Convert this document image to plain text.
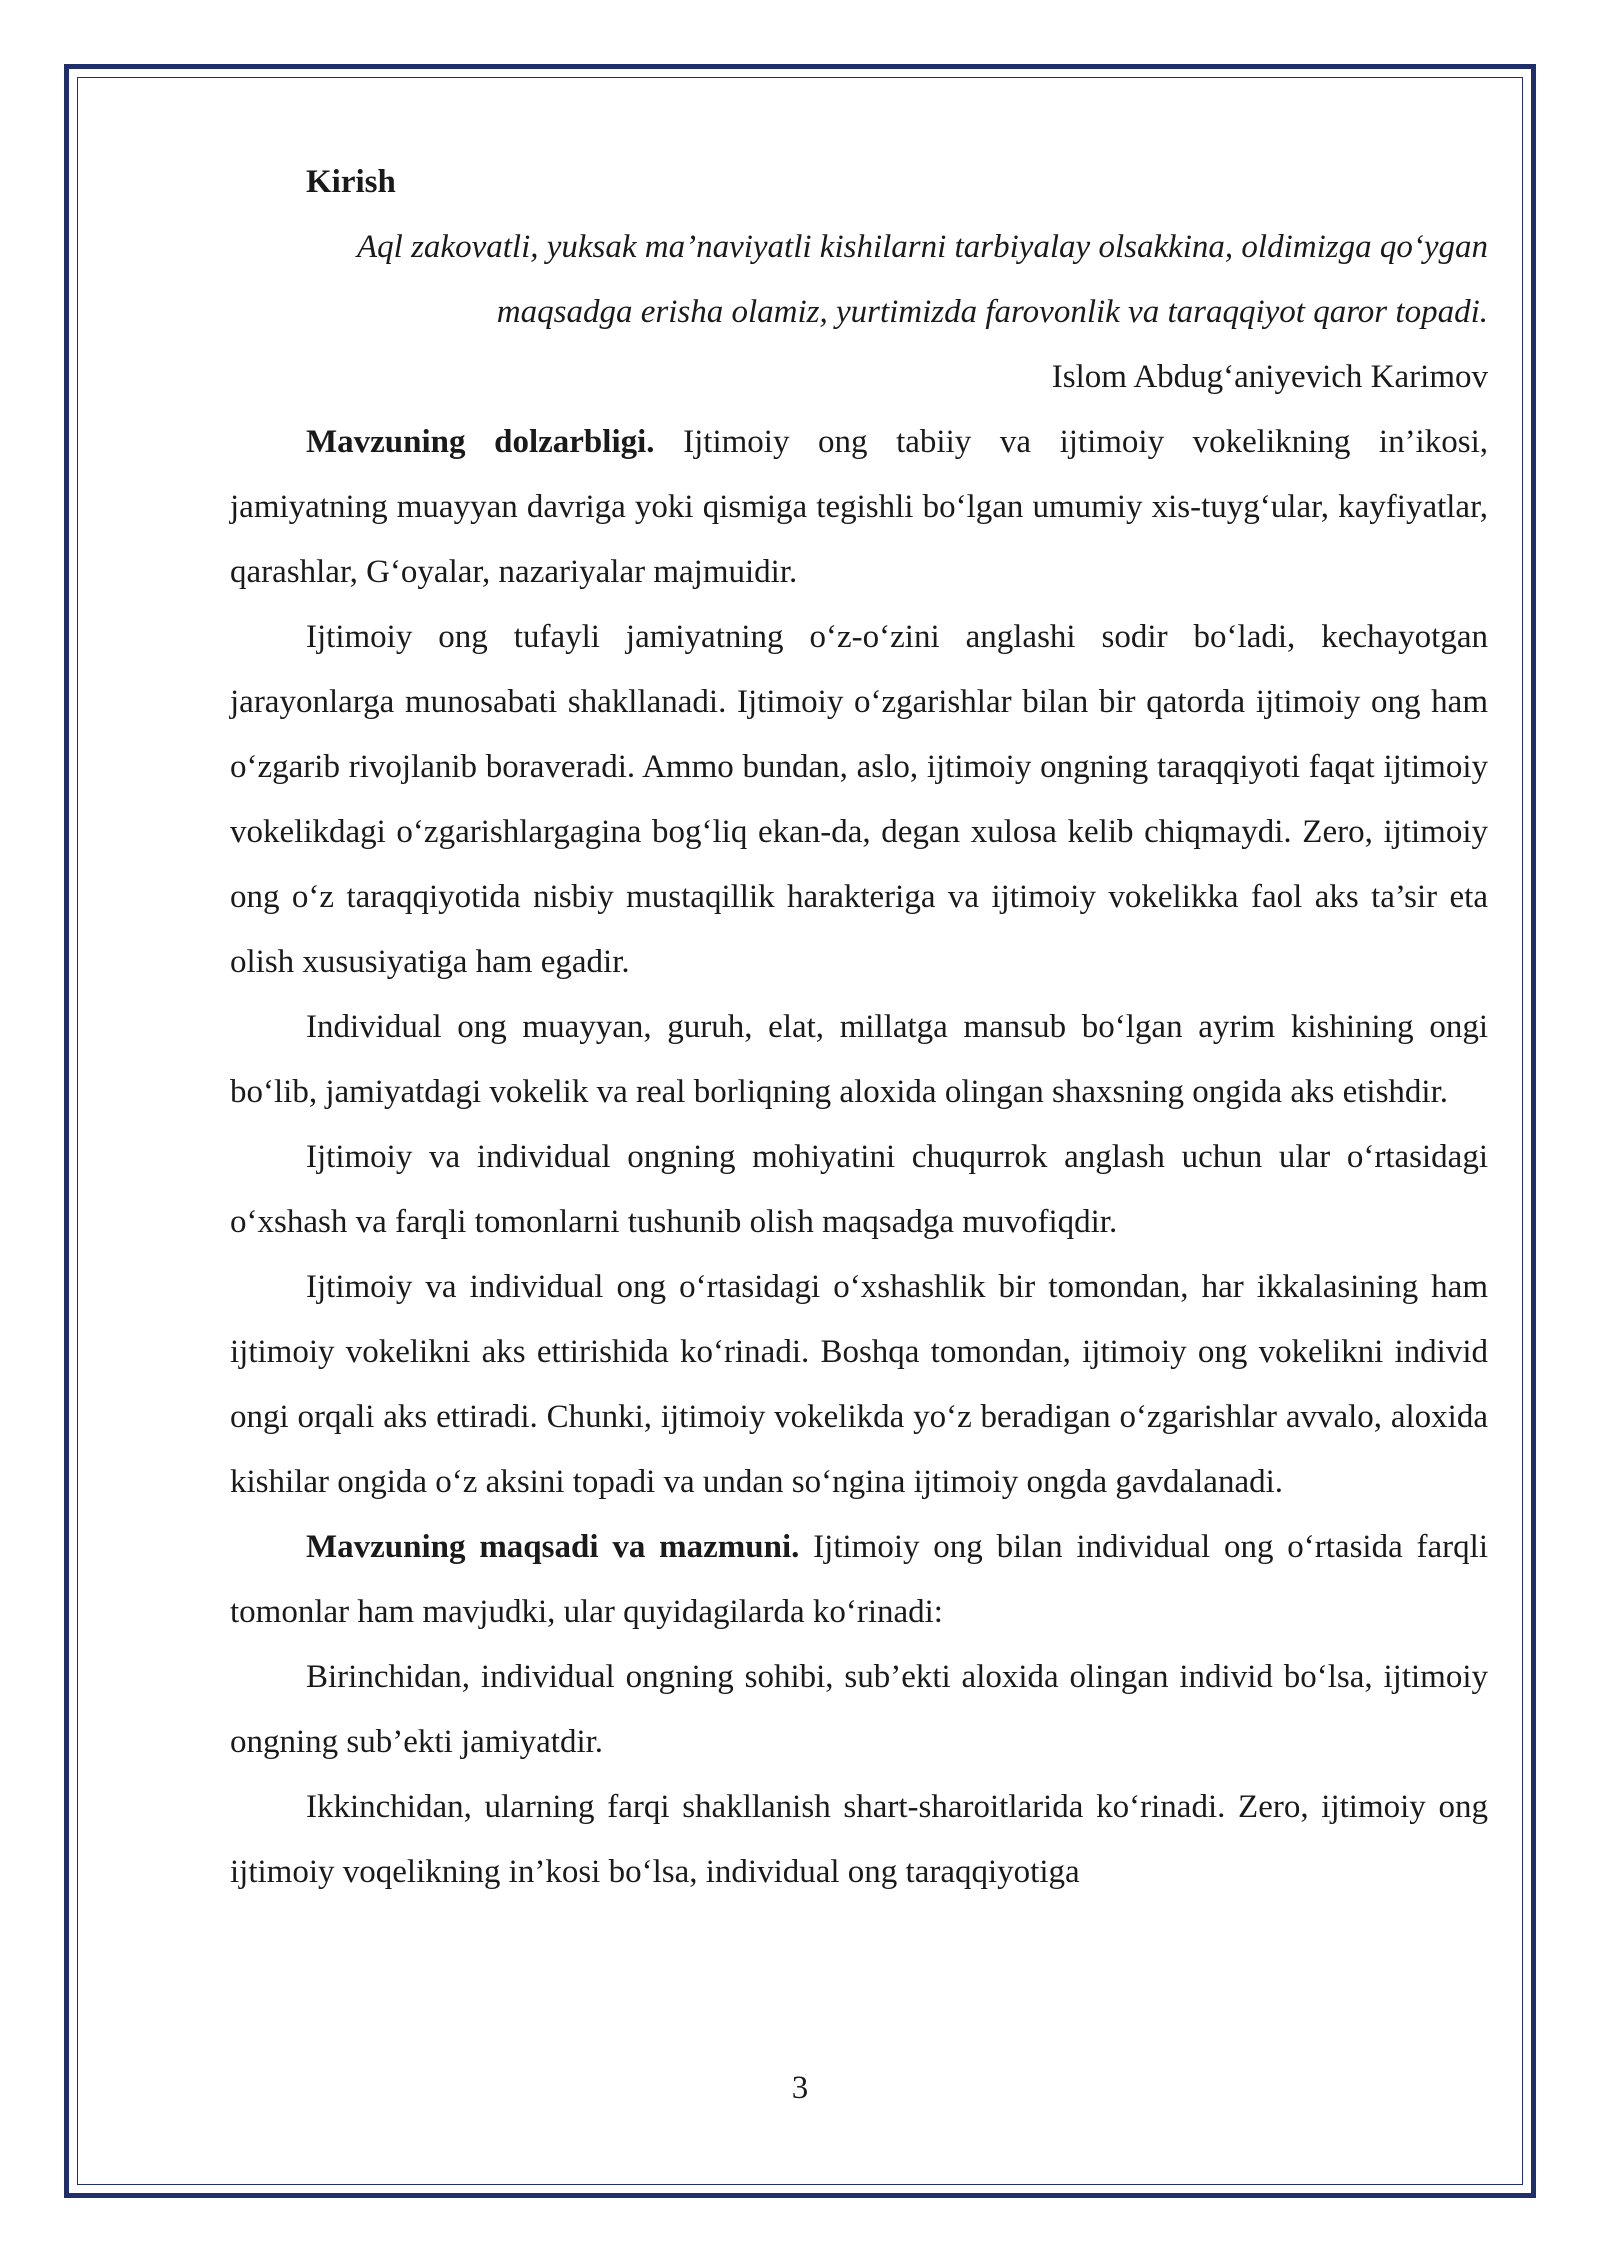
Kirish

Aql zakovatli, yuksak ma’naviyatli kishilarni tarbiyalay olsakkina, oldimizga qo‘ygan maqsadga erisha olamiz, yurtimizda farovonlik va taraqqiyot qaror topadi.

Islom Abdug‘aniyevich Karimov

Mavzuning dolzarbligi. Ijtimoiy ong tabiiy va ijtimoiy vokelikning in’ikosi, jamiyatning muayyan davriga yoki qismiga tegishli bo‘lgan umumiy xis-tuyg‘ular, kayfiyatlar, qarashlar, G‘oyalar, nazariyalar majmuidir.

Ijtimoiy ong tufayli jamiyatning o‘z-o‘zini anglashi sodir bo‘ladi, kechayotgan jarayonlarga munosabati shakllanadi. Ijtimoiy o‘zgarishlar bilan bir qatorda ijtimoiy ong ham o‘zgarib rivojlanib boraveradi. Ammo bundan, aslo, ijtimoiy ongning taraqqiyoti faqat ijtimoiy vokelikdagi o‘zgarishlargagina bog‘liq ekan-da, degan xulosa kelib chiqmaydi. Zero, ijtimoiy ong o‘z taraqqiyotida nisbiy mustaqillik harakteriga va ijtimoiy vokelikka faol aks ta’sir eta olish xususiyatiga ham egadir.

Individual ong muayyan, guruh, elat, millatga mansub bo‘lgan ayrim kishining ongi bo‘lib, jamiyatdagi vokelik va real borliqning aloxida olingan shaxsning ongida aks etishdir.

Ijtimoiy va individual ongning mohiyatini chuqurrok anglash uchun ular o‘rtasidagi o‘xshash va farqli tomonlarni tushunib olish maqsadga muvofiqdir.

Ijtimoiy va individual ong o‘rtasidagi o‘xshashlik bir tomondan, har ikkalasining ham ijtimoiy vokelikni aks ettirishida ko‘rinadi. Boshqa tomondan, ijtimoiy ong vokelikni individ ongi orqali aks ettiradi. Chunki, ijtimoiy vokelikda yo‘z beradigan o‘zgarishlar avvalo, aloxida kishilar ongida o‘z aksini topadi va undan so‘ngina ijtimoiy ongda gavdalanadi.

Mavzuning maqsadi va mazmuni. Ijtimoiy ong bilan individual ong o‘rtasida farqli tomonlar ham mavjudki, ular quyidagilarda ko‘rinadi:

Birinchidan, individual ongning sohibi, sub’ekti aloxida olingan individ bo‘lsa, ijtimoiy ongning sub’ekti jamiyatdir.

Ikkinchidan, ularning farqi shakllanish shart-sharoitlarida ko‘rinadi. Zero, ijtimoiy ong ijtimoiy voqelikning in’kosi bo‘lsa, individual ong taraqqiyotiga

3
